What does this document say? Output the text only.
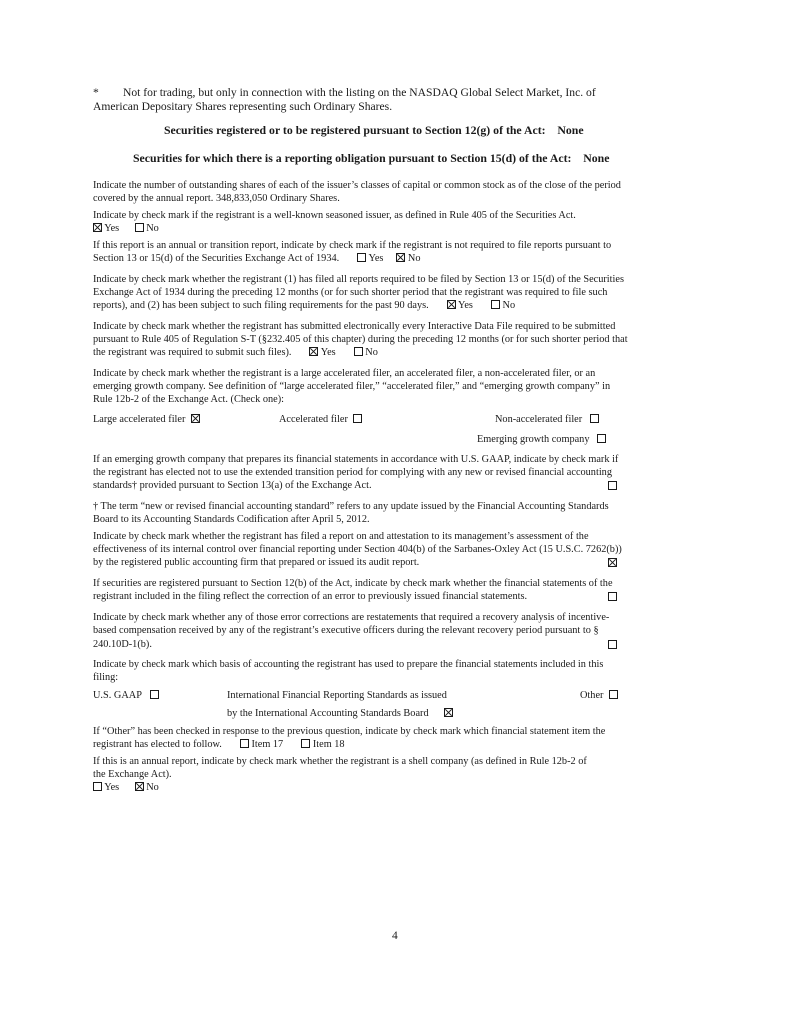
* Not for trading, but only in connection with the listing on the NASDAQ Global Select Market, Inc. of
American Depositary Shares representing such Ordinary Shares.
Securities registered or to be registered pursuant to Section 12(g) of the Act: None
Securities for which there is a reporting obligation pursuant to Section 15(d) of the Act: None
Indicate the number of outstanding shares of each of the issuer’s classes of capital or common stock as of the close of the period
covered by the annual report. 348,833,050 Ordinary Shares.
Indicate by check mark if the registrant is a well-known seasoned issuer, as defined in Rule 405 of the Securities Act.
Yes	No
If this report is an annual or transition report, indicate by check mark if the registrant is not required to file reports pursuant to
Section 13 or 15(d) of the Securities Exchange Act of 1934.	Yes No
Indicate by check mark whether the registrant (1) has filed all reports required to be filed by Section 13 or 15(d) of the Securities
Exchange Act of 1934 during the preceding 12 months (or for such shorter period that the registrant was required to file such
reports), and (2) has been subject to such filing requirements for the past 90 days.	Yes	No
Indicate by check mark whether the registrant has submitted electronically every Interactive Data File required to be submitted
pursuant to Rule 405 of Regulation S-T (§232.405 of this chapter) during the preceding 12 months (or for such shorter period that
the registrant was required to submit such files).	Yes	No
Indicate by check mark whether the registrant is a large accelerated filer, an accelerated filer, a non-accelerated filer, or an
emerging growth company. See definition of “large accelerated filer,” “accelerated filer,” and “emerging growth company” in
Rule 12b-2 of the Exchange Act. (Check one):
Large accelerated filer	Accelerated filer	Non-accelerated filer
Emerging growth company
If an emerging growth company that prepares its financial statements in accordance with U.S. GAAP, indicate by check mark if
the registrant has elected not to use the extended transition period for complying with any new or revised financial accounting
standards† provided pursuant to Section 13(a) of the Exchange Act.
† The term “new or revised financial accounting standard” refers to any update issued by the Financial Accounting Standards
Board to its Accounting Standards Codification after April 5, 2012.
Indicate by check mark whether the registrant has filed a report on and attestation to its management’s assessment of the
effectiveness of its internal control over financial reporting under Section 404(b) of the Sarbanes-Oxley Act (15 U.S.C. 7262(b))
by the registered public accounting firm that prepared or issued its audit report.
If securities are registered pursuant to Section 12(b) of the Act, indicate by check mark whether the financial statements of the
registrant included in the filing reflect the correction of an error to previously issued financial statements.
Indicate by check mark whether any of those error corrections are restatements that required a recovery analysis of incentive-
based compensation received by any of the registrant’s executive officers during the relevant recovery period pursuant to §
240.10D-1(b).
Indicate by check mark which basis of accounting the registrant has used to prepare the financial statements included in this
filing:
U.S. GAAP	International Financial Reporting Standards as issued
by the International Accounting Standards Board
Other
If “Other” has been checked in response to the previous question, indicate by check mark which financial statement item the
registrant has elected to follow.	Item 17	Item 18
If this is an annual report, indicate by check mark whether the registrant is a shell company (as defined in Rule 12b-2 of
the Exchange Act).
Yes	No
4
